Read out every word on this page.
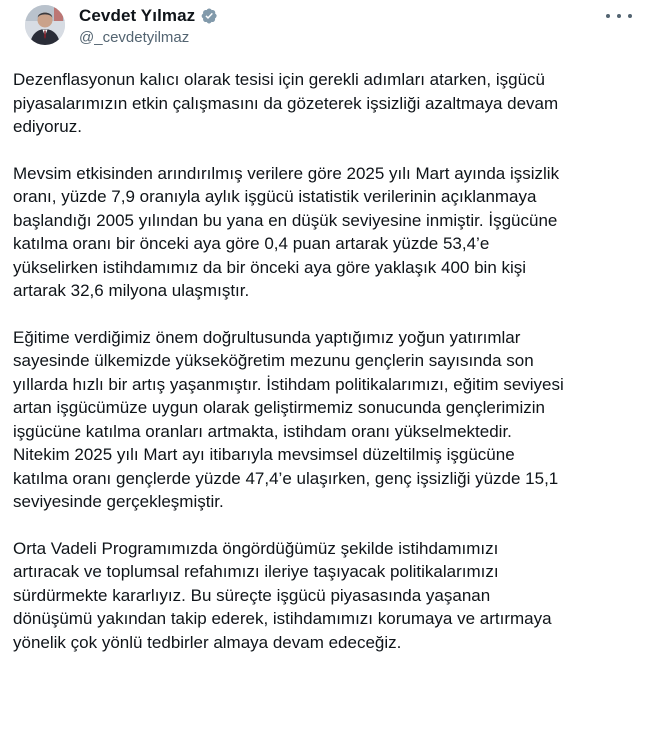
Cevdet Yılmaz
@_cevdetyilmaz

Dezenflasyonun kalıcı olarak tesisi için gerekli adımları atarken, işgücü
piyasalarımızın etkin çalışmasını da gözeterek işsizliği azaltmaya devam
ediyoruz.

Mevsim etkisinden arındırılmış verilere göre 2025 yılı Mart ayında işsizlik
oranı, yüzde 7,9 oranıyla aylık işgücü istatistik verilerinin açıklanmaya
başlandığı 2005 yılından bu yana en düşük seviyesine inmiştir. İşgücüne
katılma oranı bir önceki aya göre 0,4 puan artarak yüzde 53,4’e
yükselirken istihdamımız da bir önceki aya göre yaklaşık 400 bin kişi
artarak 32,6 milyona ulaşmıştır.

Eğitime verdiğimiz önem doğrultusunda yaptığımız yoğun yatırımlar
sayesinde ülkemizde yükseköğretim mezunu gençlerin sayısında son
yıllarda hızlı bir artış yaşanmıştır. İstihdam politikalarımızı, eğitim seviyesi
artan işgücümüze uygun olarak geliştirmemiz sonucunda gençlerimizin
işgücüne katılma oranları artmakta, istihdam oranı yükselmektedir.
Nitekim 2025 yılı Mart ayı itibarıyla mevsimsel düzeltilmiş işgücüne
katılma oranı gençlerde yüzde 47,4’e ulaşırken, genç işsizliği yüzde 15,1
seviyesinde gerçekleşmiştir.

Orta Vadeli Programımızda öngördüğümüz şekilde istihdamımızı
artıracak ve toplumsal refahımızı ileriye taşıyacak politikalarımızı
sürdürmekte kararlıyız. Bu süreçte işgücü piyasasında yaşanan
dönüşümü yakından takip ederek, istihdamımızı korumaya ve artırmaya
yönelik çok yönlü tedbirler almaya devam edeceğiz.
